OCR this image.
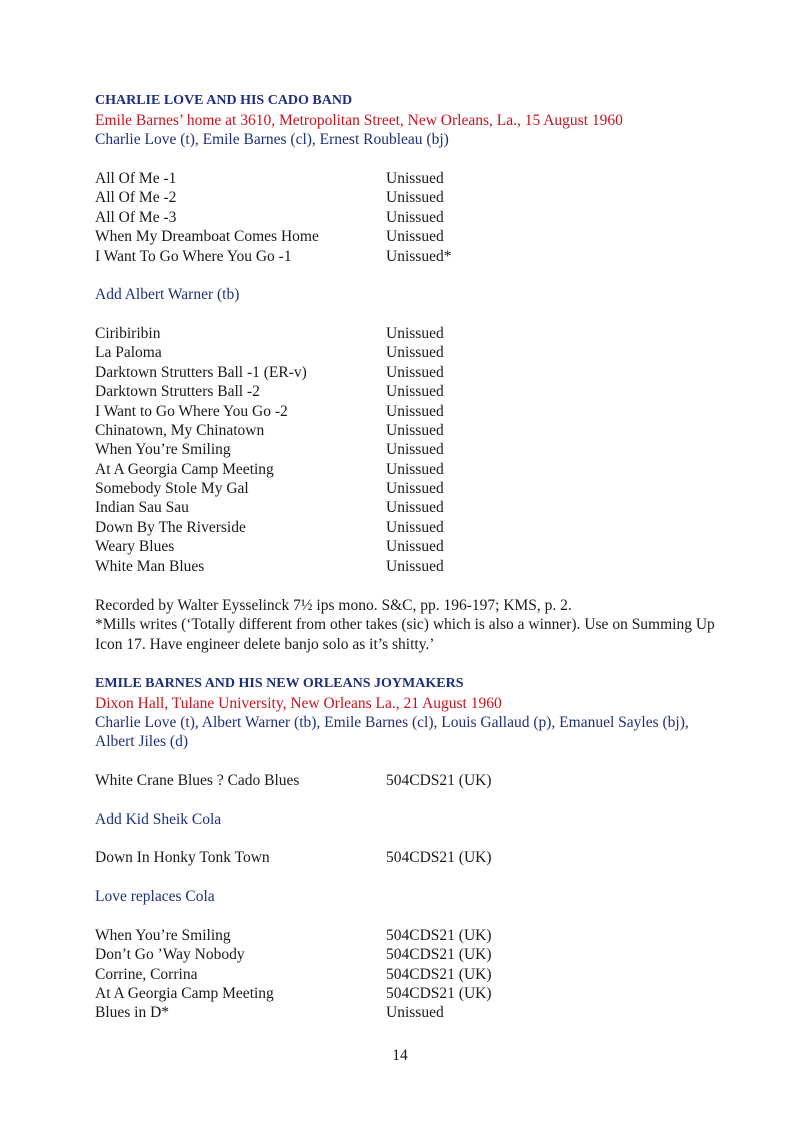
CHARLIE LOVE AND HIS CADO BAND
Emile Barnes’ home at 3610, Metropolitan Street, New Orleans, La., 15 August 1960
Charlie Love (t), Emile Barnes (cl), Ernest Roubleau (bj)
All Of Me -1	Unissued
All Of Me -2	Unissued
All Of Me -3	Unissued
When My Dreamboat Comes Home	Unissued
I Want To Go Where You Go -1	Unissued*
Add Albert Warner (tb)
Ciribiribin	Unissued
La Paloma	Unissued
Darktown Strutters Ball -1 (ER-v)	Unissued
Darktown Strutters Ball -2	Unissued
I Want to Go Where You Go -2	Unissued
Chinatown, My Chinatown	Unissued
When You’re Smiling	Unissued
At A Georgia Camp Meeting	Unissued
Somebody Stole My Gal	Unissued
Indian Sau Sau	Unissued
Down By The Riverside	Unissued
Weary Blues	Unissued
White Man Blues	Unissued
Recorded by Walter Eysselinck 7½ ips mono. S&C, pp. 196-197; KMS, p. 2.
*Mills writes (‘Totally different from other takes (sic) which is also a winner). Use on Summing Up Icon 17. Have engineer delete banjo solo as it’s shitty.’
EMILE BARNES AND HIS NEW ORLEANS JOYMAKERS
Dixon Hall, Tulane University, New Orleans La., 21 August 1960
Charlie Love (t), Albert Warner (tb), Emile Barnes (cl), Louis Gallaud (p), Emanuel Sayles (bj), Albert Jiles (d)
White Crane Blues ? Cado Blues	504CDS21 (UK)
Add Kid Sheik Cola
Down In Honky Tonk Town	504CDS21 (UK)
Love replaces Cola
When You’re Smiling	504CDS21 (UK)
Don’t Go ’Way Nobody	504CDS21 (UK)
Corrine, Corrina	504CDS21 (UK)
At A Georgia Camp Meeting	504CDS21 (UK)
Blues in D*	Unissued
14
